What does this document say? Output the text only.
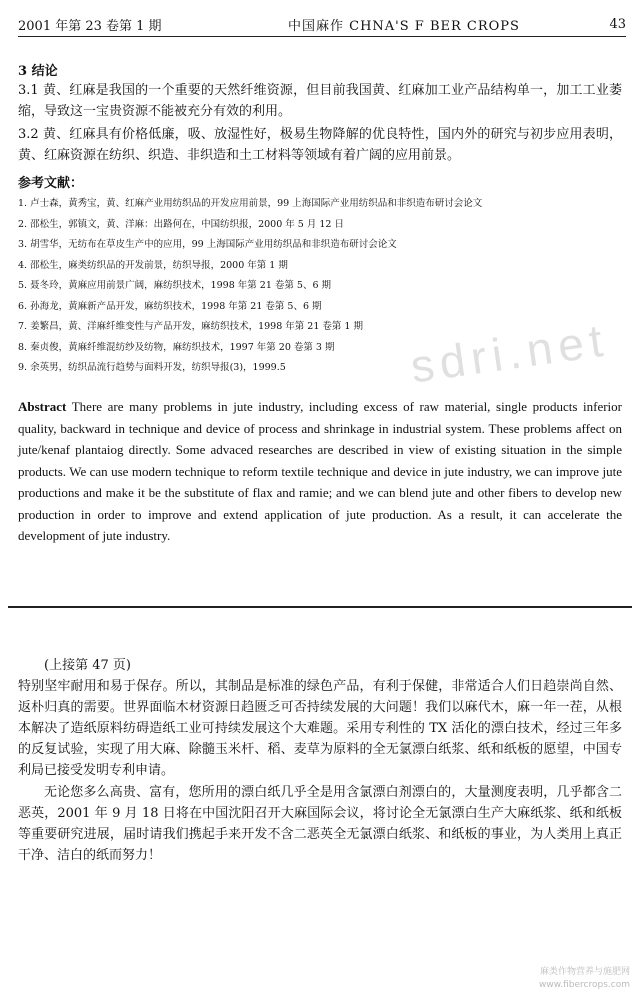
2001 年第 23 卷第 1 期	中国麻作 CHNA'S F BER CROPS	43
3 结论
3.1 黄、红麻是我国的一个重要的天然纤维资源，但目前我国黄、红麻加工业产品结构单一，加工工业萎缩，导致这一宝贵资源不能被充分有效的利用。
3.2 黄、红麻具有价格低廉，吸、放湿性好，极易生物降解的优良特性，国内外的研究与初步应用表明，黄、红麻资源在纺织、织造、非织造和土工材料等领域有着广阔的应用前景。
参考文献：
1. 卢士森，黄秀宝，黄、红麻产业用纺织品的开发应用前景，99 上海国际产业用纺织品和非织造布研讨会论文
2. 邵松生，郭镇文，黄、洋麻：出路何在，中国纺织报，2000 年 5 月 12 日
3. 胡雪华，无纺布在草皮生产中的应用，99 上海国际产业用纺织品和非织造布研讨会论文
4. 邵松生，麻类纺织品的开发前景，纺织导报，2000 年第 1 期
5. 聂冬玲，黄麻应用前景广阔，麻纺织技术，1998 年第 21 卷第 5、6 期
6. 孙海龙，黄麻新产品开发，麻纺织技术，1998 年第 21 卷第 5、6 期
7. 姜繁昌，黄、洋麻纤维变性与产品开发，麻纺织技术，1998 年第 21 卷第 1 期
8. 秦贞俊，黄麻纤维混纺纱及纺物，麻纺织技术，1997 年第 20 卷第 3 期
9. 余英男，纺织品流行趋势与面料开发，纺织导报(3)，1999.5	sdri.net
Abstract There are many problems in jute industry, including excess of raw material, single products inferior quality, backward in technique and device of process and shrinkage in industrial system. These problems affect on jute/kenaf plantaiog directly. Some advaced researches are described in view of existing situation in the simple products. We can use modern technique to reform textile technique and device in jute industry, we can improve jute productions and make it be the substitute of flax and ramie; and we can blend jute and other fibers to develop new production in order to improve and extend application of jute production. As a result, it can accelerate the development of jute industry.
(上接第 47 页)
特别坚牢耐用和易于保存。所以，其制品是标准的绿色产品，有利于保健，非常适合人们日趋崇尚自然、返朴归真的需要。世界面临木材资源日趋匮乏可否持续发展的大问题！我们以麻代木，麻一年一茬，从根本解决了造纸原料纺碍造纸工业可持续发展这个大难题。采用专利性的 TX 活化的漂白技术，经过三年多的反复试验，实现了用大麻、除髓玉米杆、稻、麦草为原料的全无氯漂白纸浆、纸和纸板的愿望，中国专利局已接受发明专利申请。
无论您多么高贵、富有，您所用的漂白纸几乎全是用含氯漂白剂漂白的，大量测度表明，几乎都含二恶英，2001 年 9 月 18 日将在中国沈阳召开大麻国际会议，将讨论全无氯漂白生产大麻纸浆、纸和纸板等重要研究进展，届时请我们携起手来开发不含二恶英全无氯漂白纸浆、和纸板的事业，为人类用上真正干净、洁白的纸而努力！
麻类作物营养与施肥网
www.fibercrops.com
